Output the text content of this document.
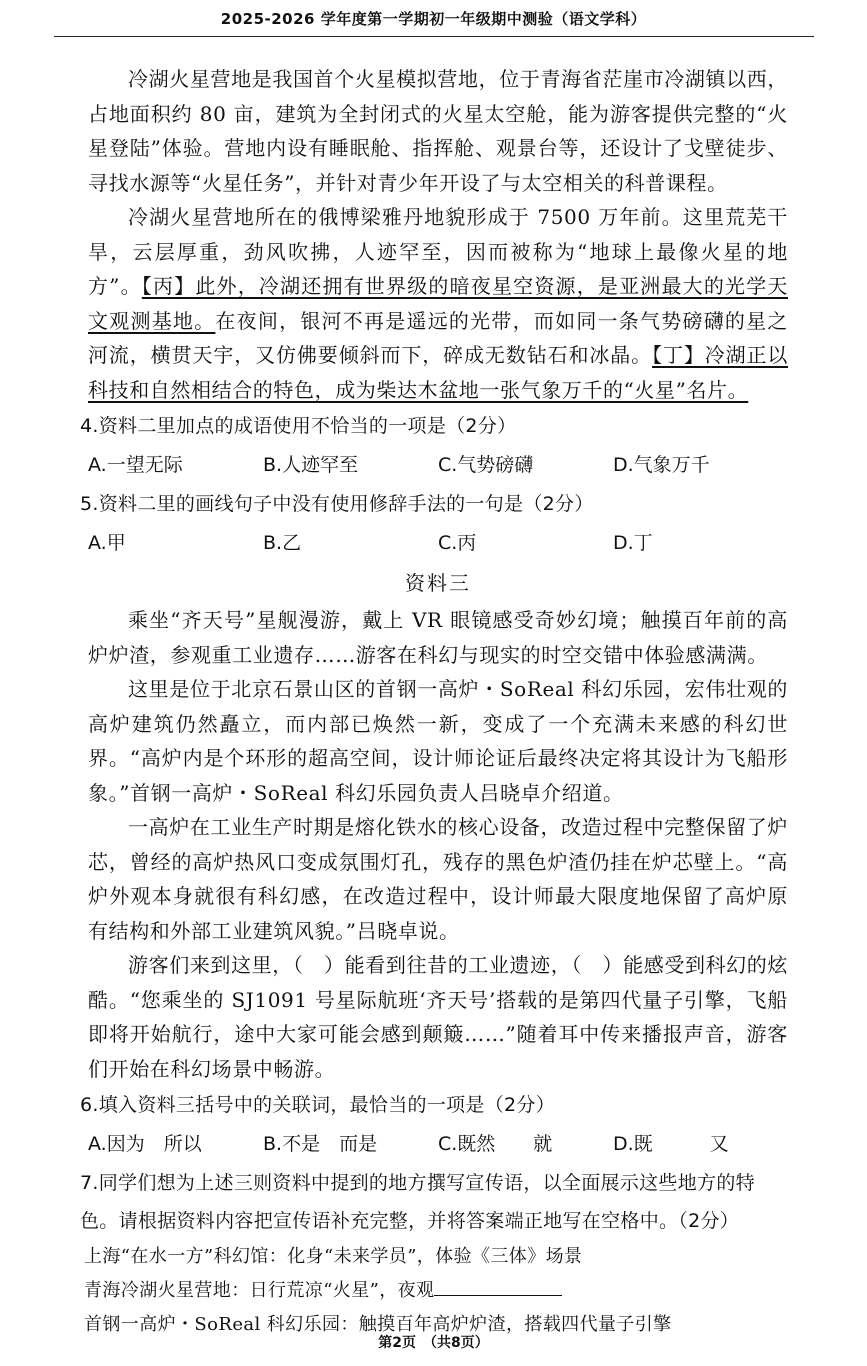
2025-2026 学年度第一学期初一年级期中测验（语文学科）

冷湖火星营地是我国首个火星模拟营地，位于青海省茫崖市冷湖镇以西，占地面积约 80 亩，建筑为全封闭式的火星太空舱，能为游客提供完整的“火星登陆”体验。营地内设有睡眠舱、指挥舱、观景台等，还设计了戈壁徒步、寻找水源等“火星任务”，并针对青少年开设了与太空相关的科普课程。

冷湖火星营地所在的俄博梁雅丹地貌形成于 7500 万年前。这里荒芜干旱，云层厚重，劲风吹拂，人迹罕至，因而被称为“地球上最像火星的地方”。【丙】此外，冷湖还拥有世界级的暗夜星空资源，是亚洲最大的光学天文观测基地。在夜间，银河不再是遥远的光带，而如同一条气势磅礴的星之河流，横贯天宇，又仿佛要倾斜而下，碎成无数钻石和冰晶。【丁】冷湖正以科技和自然相结合的特色，成为柴达木盆地一张气象万千的“火星”名片。

4.资料二里加点的成语使用不恰当的一项是（2分）

A.一望无际	B.人迹罕至	C.气势磅礴	D.气象万千

5.资料二里的画线句子中没有使用修辞手法的一句是（2分）

A.甲	B.乙	C.丙	D.丁

资料三

乘坐“齐天号”星舰漫游，戴上 VR 眼镜感受奇妙幻境；触摸百年前的高炉炉渣，参观重工业遗存……游客在科幻与现实的时空交错中体验感满满。

这里是位于北京石景山区的首钢一高炉・SoReal 科幻乐园，宏伟壮观的高炉建筑仍然矗立，而内部已焕然一新，变成了一个充满未来感的科幻世界。“高炉内是个环形的超高空间，设计师论证后最终决定将其设计为飞船形象。”首钢一高炉・SoReal 科幻乐园负责人吕晓卓介绍道。

一高炉在工业生产时期是熔化铁水的核心设备，改造过程中完整保留了炉芯，曾经的高炉热风口变成氛围灯孔，残存的黑色炉渣仍挂在炉芯壁上。“高炉外观本身就很有科幻感，在改造过程中，设计师最大限度地保留了高炉原有结构和外部工业建筑风貌。”吕晓卓说。

游客们来到这里，（　）能看到往昔的工业遗迹，（　）能感受到科幻的炫酷。“您乘坐的 SJ1091 号星际航班‘齐天号’搭载的是第四代量子引擎，飞船即将开始航行，途中大家可能会感到颠簸……”随着耳中传来播报声音，游客们开始在科幻场景中畅游。

6.填入资料三括号中的关联词，最恰当的一项是（2分）

A.因为　所以	B.不是　而是	C.既然　　就	D.既　　　又

7.同学们想为上述三则资料中提到的地方撰写宣传语，以全面展示这些地方的特色。请根据资料内容把宣传语补充完整，并将答案端正地写在空格中。（2分）

上海“在水一方”科幻馆：化身“未来学员”，体验《三体》场景

青海冷湖火星营地：日行荒凉“火星”，夜观

首钢一高炉・SoReal 科幻乐园：触摸百年高炉炉渣，搭载四代量子引擎

第2页　（共8页）
